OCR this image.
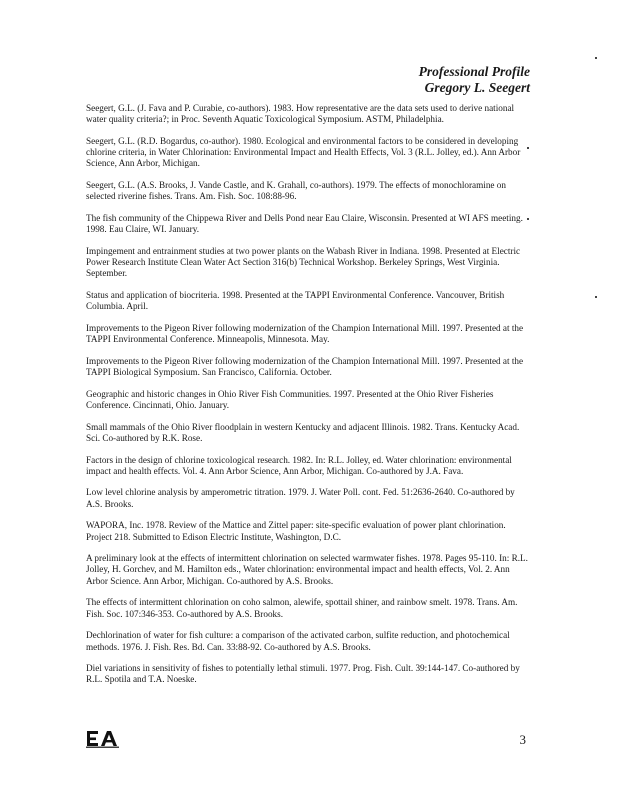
Professional Profile
Gregory L. Seegert

Seegert, G.L. (J. Fava and P. Curabie, co-authors). 1983. How representative are the data sets used to derive national water quality criteria?; in Proc. Seventh Aquatic Toxicological Symposium. ASTM, Philadelphia.

Seegert, G.L. (R.D. Bogardus, co-author). 1980. Ecological and environmental factors to be considered in developing chlorine criteria, in Water Chlorination: Environmental Impact and Health Effects, Vol. 3 (R.L. Jolley, ed.). Ann Arbor Science, Ann Arbor, Michigan.

Seegert, G.L. (A.S. Brooks, J. Vande Castle, and K. Grahall, co-authors). 1979. The effects of monochloramine on selected riverine fishes. Trans. Am. Fish. Soc. 108:88-96.

The fish community of the Chippewa River and Dells Pond near Eau Claire, Wisconsin. Presented at WI AFS meeting. 1998. Eau Claire, WI. January.

Impingement and entrainment studies at two power plants on the Wabash River in Indiana. 1998. Presented at Electric Power Research Institute Clean Water Act Section 316(b) Technical Workshop. Berkeley Springs, West Virginia. September.

Status and application of biocriteria. 1998. Presented at the TAPPI Environmental Conference. Vancouver, British Columbia. April.

Improvements to the Pigeon River following modernization of the Champion International Mill. 1997. Presented at the TAPPI Environmental Conference. Minneapolis, Minnesota. May.

Improvements to the Pigeon River following modernization of the Champion International Mill. 1997. Presented at the TAPPI Biological Symposium. San Francisco, California. October.

Geographic and historic changes in Ohio River Fish Communities. 1997. Presented at the Ohio River Fisheries Conference. Cincinnati, Ohio. January.

Small mammals of the Ohio River floodplain in western Kentucky and adjacent Illinois. 1982. Trans. Kentucky Acad. Sci. Co-authored by R.K. Rose.

Factors in the design of chlorine toxicological research. 1982. In: R.L. Jolley, ed. Water chlorination: environmental impact and health effects. Vol. 4. Ann Arbor Science, Ann Arbor, Michigan. Co-authored by J.A. Fava.

Low level chlorine analysis by amperometric titration. 1979. J. Water Poll. cont. Fed. 51:2636-2640. Co-authored by A.S. Brooks.

WAPORA, Inc. 1978. Review of the Mattice and Zittel paper: site-specific evaluation of power plant chlorination. Project 218. Submitted to Edison Electric Institute, Washington, D.C.

A preliminary look at the effects of intermittent chlorination on selected warmwater fishes. 1978. Pages 95-110. In: R.L. Jolley, H. Gorchev, and M. Hamilton eds., Water chlorination: environmental impact and health effects, Vol. 2. Ann Arbor Science. Ann Arbor, Michigan. Co-authored by A.S. Brooks.

The effects of intermittent chlorination on coho salmon, alewife, spottail shiner, and rainbow smelt. 1978. Trans. Am. Fish. Soc. 107:346-353. Co-authored by A.S. Brooks.

Dechlorination of water for fish culture: a comparison of the activated carbon, sulfite reduction, and photochemical methods. 1976. J. Fish. Res. Bd. Can. 33:88-92. Co-authored by A.S. Brooks.

Diel variations in sensitivity of fishes to potentially lethal stimuli. 1977. Prog. Fish. Cult. 39:144-147. Co-authored by R.L. Spotila and T.A. Noeske.

3
